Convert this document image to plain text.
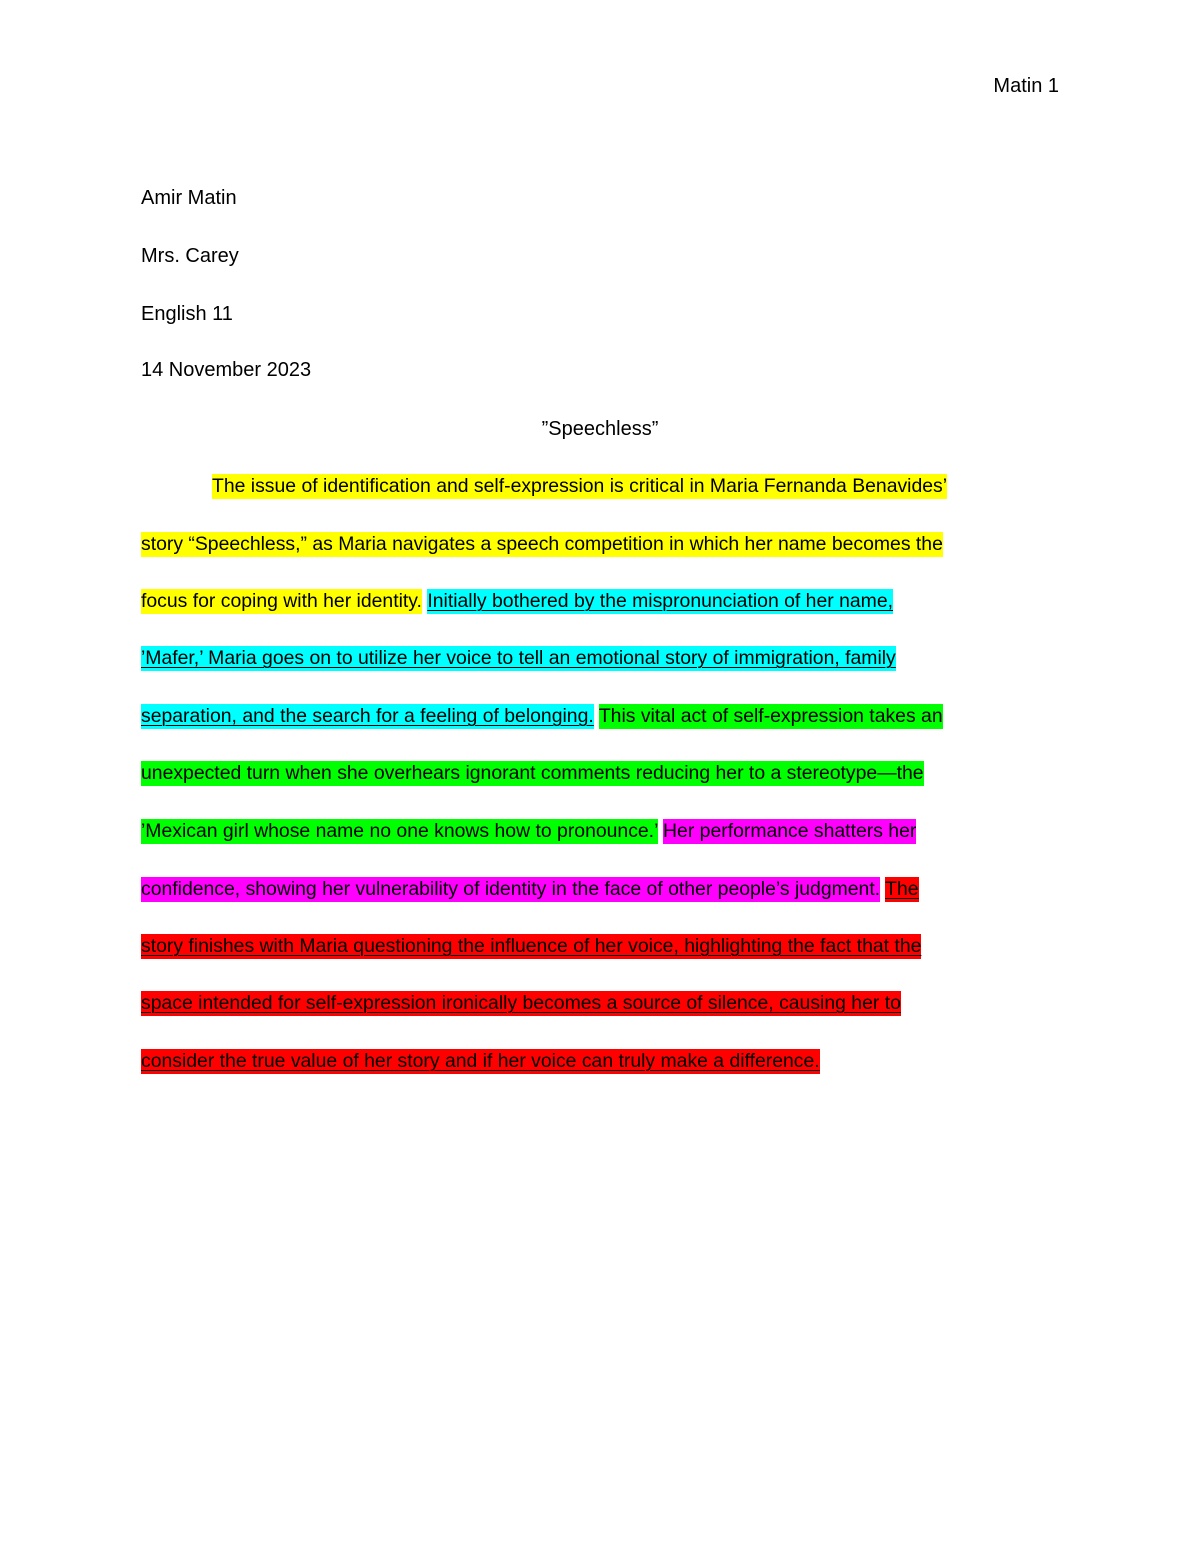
Matin 1
Amir Matin
Mrs. Carey
English 11
14 November 2023
”Speechless”
The issue of identification and self-expression is critical in Maria Fernanda Benavides’
story “Speechless,” as Maria navigates a speech competition in which her name becomes the
focus for coping with her identity. Initially bothered by the mispronunciation of her name,
’Mafer,’ Maria goes on to utilize her voice to tell an emotional story of immigration, family
separation, and the search for a feeling of belonging. This vital act of self-expression takes an
unexpected turn when she overhears ignorant comments reducing her to a stereotype—the
’Mexican girl whose name no one knows how to pronounce.’ Her performance shatters her
confidence, showing her vulnerability of identity in the face of other people’s judgment. The
story finishes with Maria questioning the influence of her voice, highlighting the fact that the
space intended for self-expression ironically becomes a source of silence, causing her to
consider the true value of her story and if her voice can truly make a difference.
